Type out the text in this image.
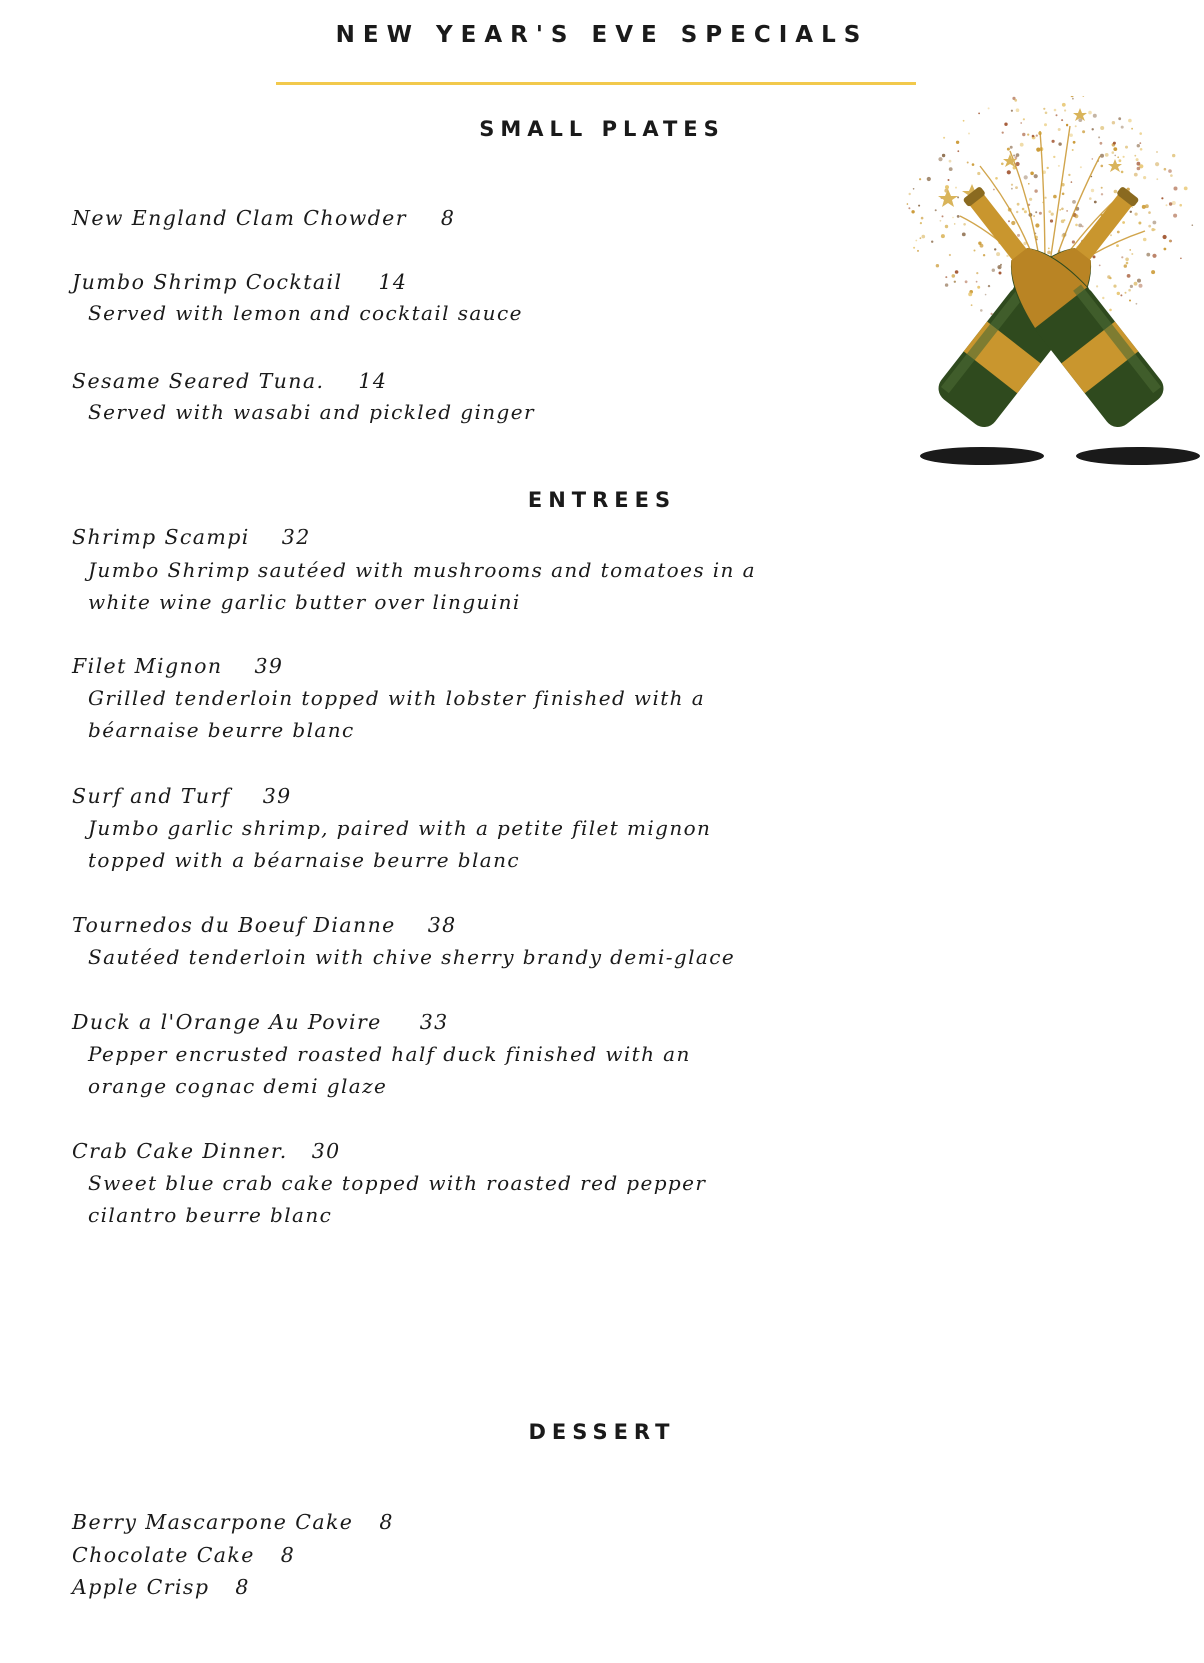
NEW YEAR'S EVE SPECIALS
SMALL PLATES
New England Clam Chowder 8
Jumbo Shrimp Cocktail 14
Served with lemon and cocktail sauce
Sesame Seared Tuna. 14
Served with wasabi and pickled ginger
ENTREES
Shrimp Scampi 32
Jumbo Shrimp sautéed with mushrooms and tomatoes in a
white wine garlic butter over linguini
Filet Mignon 39
Grilled tenderloin topped with lobster finished with a
béarnaise beurre blanc
Surf and Turf 39
Jumbo garlic shrimp, paired with a petite filet mignon
topped with a béarnaise beurre blanc
Tournedos du Boeuf Dianne 38
Sautéed tenderloin with chive sherry brandy demi-glace
Duck a l'Orange Au Povire 33
Pepper encrusted roasted half duck finished with an
orange cognac demi glaze
Crab Cake Dinner. 30
Sweet blue crab cake topped with roasted red pepper
cilantro beurre blanc
DESSERT
Berry Mascarpone Cake 8
Chocolate Cake 8
Apple Crisp 8
